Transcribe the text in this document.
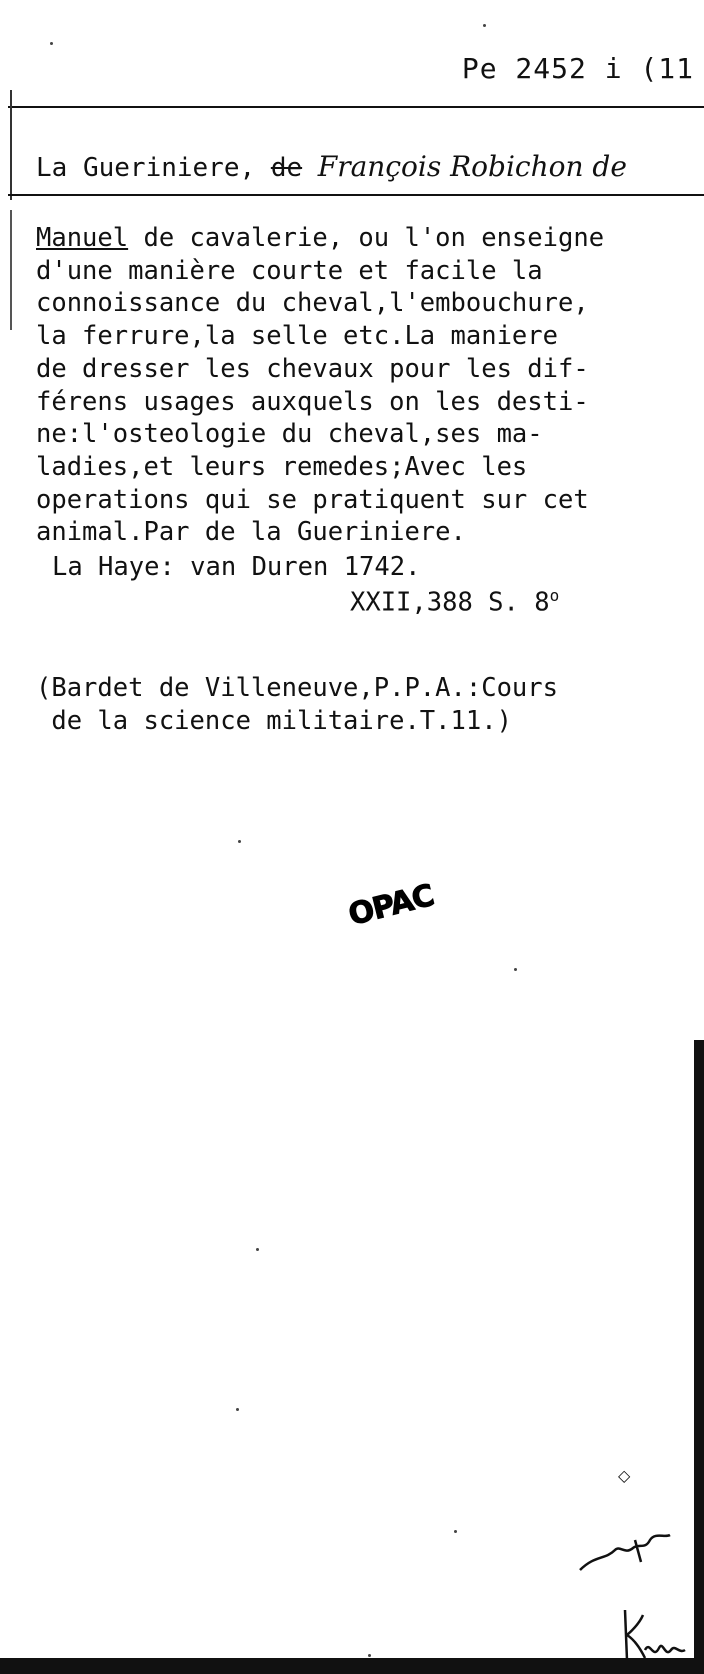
Pe 2452 i (11
La Gueriniere, de François Robichon de
Manuel de cavalerie, ou l'on enseigne
d'une manière courte et facile la
connoissance du cheval,l'embouchure,
la ferrure,la selle etc.La maniere
de dresser les chevaux pour les dif-
férens usages auxquels on les desti-
ne:l'osteologie du cheval,ses ma-
ladies,et leurs remedes;Avec les
operations qui se pratiquent sur cet
animal.Par de la Gueriniere.
La Haye: van Duren 1742.
XXII,388 S. 8$^o$
(Bardet de Villeneuve,P.P.A.:Cours
de la science militaire.T.11.)
OPAC
◇
